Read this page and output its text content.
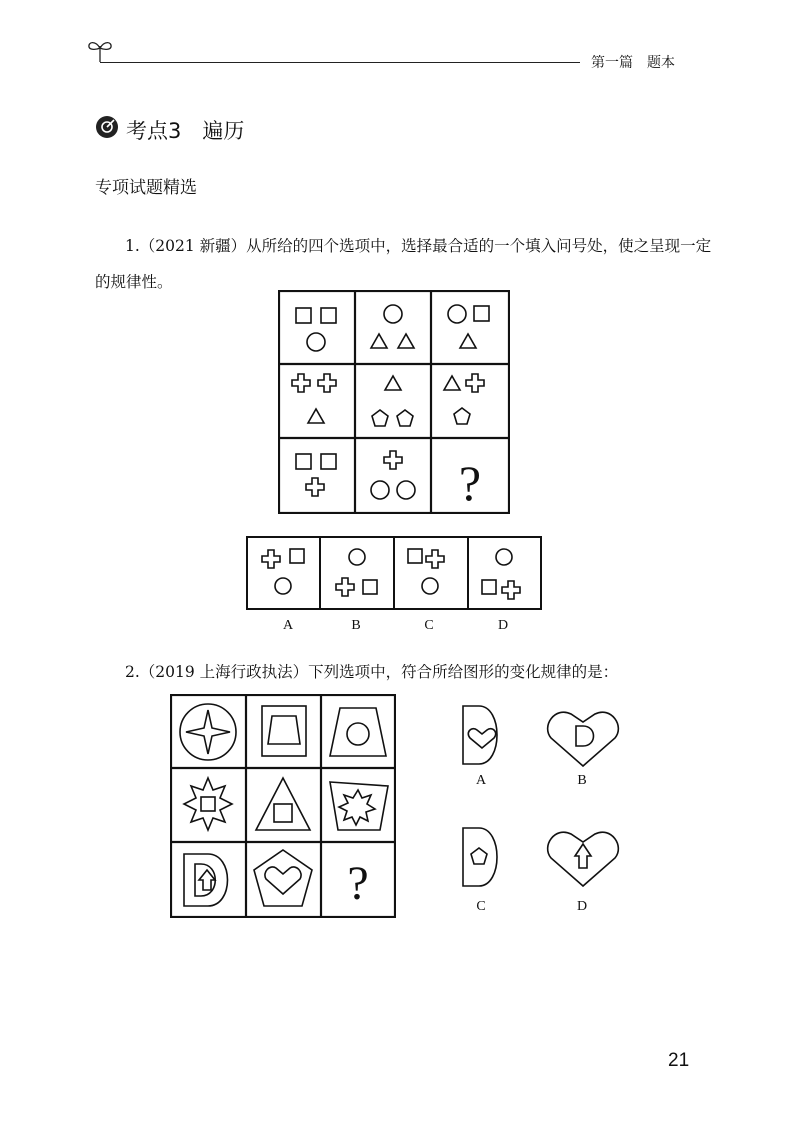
第一篇　题本
考点3　遍历
专项试题精选
1.（2021 新疆）从所给的四个选项中，选择最合适的一个填入问号处，使之呈现一定的规律性。
?
A	B	C	D
2.（2019 上海行政执法）下列选项中，符合所给图形的变化规律的是：
?
A	B
C	D
21
